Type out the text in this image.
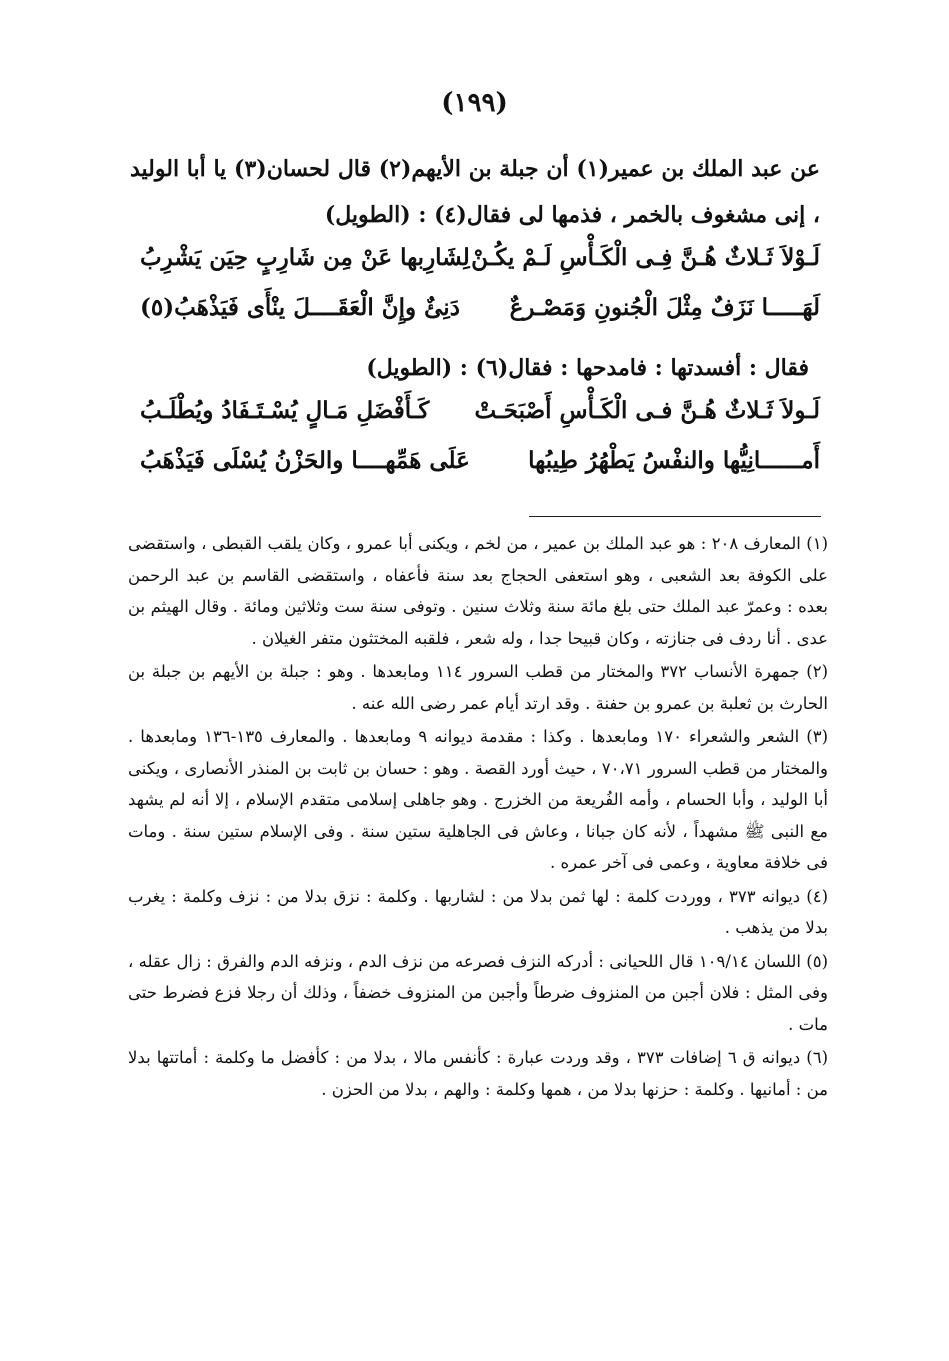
(١٩٩)
عن عبد الملك بن عمير(١) أن جبلة بن الأيهم(٢) قال لحسان(٣) يا أبا الوليد ، إنى مشغوف بالخمر ، فذمها لى فقال(٤) : (الطويل)
لَـوْلاَ ثَـلاثٌ هُـنَّ فِـى الْكَـأْسِ لَـمْ يكُـنْ
لِشَارِبها عَنْ مِن شَارِبٍ حِيَن يَشْرِبُ
لَهَـــــا نَزَفٌ مِثْلَ الْجُنونِ وَمَصْـرعٌ
دَنِئٌ وإِنَّ الْعَقَــــلَ ينْأَى فَيَذْهَبُ(٥)
فقال : أفسدتها : فامدحها : فقال(٦) : (الطويل)
لَـولاَ ثَـلاثٌ هُـنَّ فـى الْكَـأْسِ أَصْبَحَـتْ
كَـأَفْضَلِ مَـالٍ يُسْـتَـفَادُ ويُطْلَـبُ
أَمــــــانِيُّها والنفْسُ يَطْهُرُ طِيبُها
عَلَى هَمِّهــــا والحَزْنُ يُسْلَى فَيَذْهَبُ

(١) المعارف ٢٠٨ : هو عبد الملك بن عمير ، من لخم ، ويكنى أبا عمرو ، وكان يلقب القبطى ، واستقضى على الكوفة بعد الشعبى ، وهو استعفى الحجاج بعد سنة فأعفاه ، واستقضى القاسم بن عبد الرحمن بعده : وعمرّ عبد الملك حتى بلغ مائة سنة وثلاث سنين . وتوفى سنة ست وثلاثين ومائة . وقال الهيثم بن عدى . أنا ردف فى جنازته ، وكان قبيحا جدا ، وله شعر ، فلقبه المختثون متفر الغيلان .

(٢) جمهرة الأنساب ٣٧٢ والمختار من قطب السرور ١١٤ ومابعدها . وهو : جبلة بن الأيهم بن جبلة بن الحارث بن ثعلبة بن عمرو بن حفنة . وقد ارتد أيام عمر رضى الله عنه .

(٣) الشعر والشعراء ١٧٠ ومابعدها . وكذا : مقدمة ديوانه ٩ ومابعدها . والمعارف ١٣٥-١٣٦ ومابعدها . والمختار من قطب السرور ٧٠،٧١ ، حيث أورد القصة . وهو : حسان بن ثابت بن المنذر الأنصارى ، ويكنى أبا الوليد ، وأبا الحسام ، وأمه الفُريعة من الخزرج . وهو جاهلى إسلامى متقدم الإسلام ، إلا أنه لم يشهد مع النبى ﷺ مشهداً ، لأنه كان جبانا ، وعاش فى الجاهلية ستين سنة . وفى الإسلام ستين سنة . ومات فى خلافة معاوية ، وعمى فى آخر عمره .

(٤) ديوانه ٣٧٣ ، ووردت كلمة : لها ثمن بدلا من : لشاربها . وكلمة : نزق بدلا من : نزف وكلمة : يغرب بدلا من يذهب .

(٥) اللسان ١٠٩/١٤ قال اللحيانى : أدركه النزف فصرعه من نزف الدم ، ونزفه الدم والفرق : زال عقله ، وفى المثل : فلان أجبن من المنزوف ضرطاً وأجبن من المنزوف خضفاً ، وذلك أن رجلا فزع فضرط حتى مات .

(٦) ديوانه ق ٦ إضافات ٣٧٣ ، وقد وردت عبارة : كأنفس مالا ، بدلا من : كأفضل ما وكلمة : أماتتها بدلا من : أمانيها . وكلمة : حزنها بدلا من ، همها وكلمة : والهم ، بدلا من الحزن .
